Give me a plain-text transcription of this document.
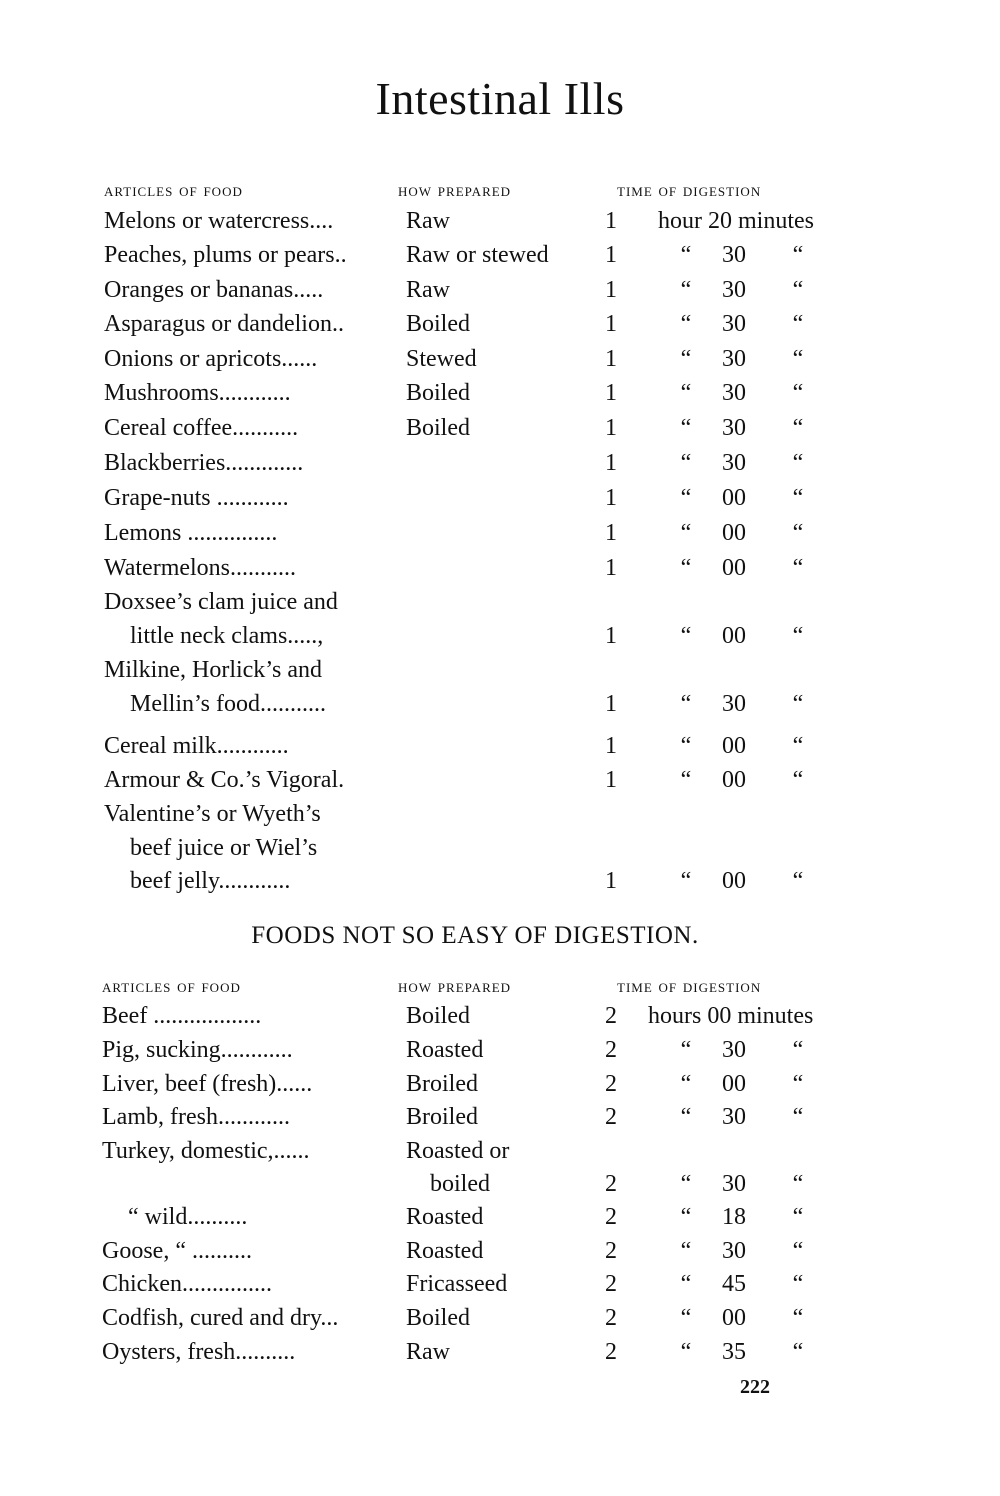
Intestinal Ills
articles of food	how prepared	time of digestion
Melons or watercress....	Raw	1	hour 20 minutes
Peaches, plums or pears.. Raw or stewed	1	“	30	“
Oranges or bananas.....	Raw	1	“	30	“
Asparagus or dandelion..	Boiled	1	“	30	“
Onions or apricots......	Stewed	1	“	30	“
Mushrooms............	Boiled	1	“	30	“
Cereal coffee...........	Boiled	1	“	30	“
Blackberries.............	1	“	30	“
Grape-nuts ............	1	“	00	“
Lemons ...............	1	“	00	“
Watermelons...........	1	“	00	“
Doxsee’s clam juice and
little neck clams.....,	1	“	00	“
Milkine, Horlick’s and
Mellin’s food...........	1	“	30	“
Cereal milk............	1	“	00	“
Armour & Co.’s Vigoral.	1	“	00	“
Valentine’s or Wyeth’s
beef juice or Wiel’s
beef jelly............	1	“	00	“
FOODS NOT SO EASY OF DIGESTION.
articles of food	how prepared	time of digestion
Beef ..................	Boiled	2	hours 00 minutes
Pig, sucking............	Roasted	2	“	30	“
Liver, beef (fresh)......	Broiled	2	“	00	“
Lamb, fresh............	Broiled	2	“	30	“
Turkey, domestic,......	Roasted or
boiled	2	“	30	“
“ wild..........	Roasted	2	“	18	“
Goose, “ ..........	Roasted	2	“	30	“
Chicken...............	Fricasseed	2	“	45	“
Codfish, cured and dry...	Boiled	2	“	00	“
Oysters, fresh..........	Raw	2	“	35	“
222
